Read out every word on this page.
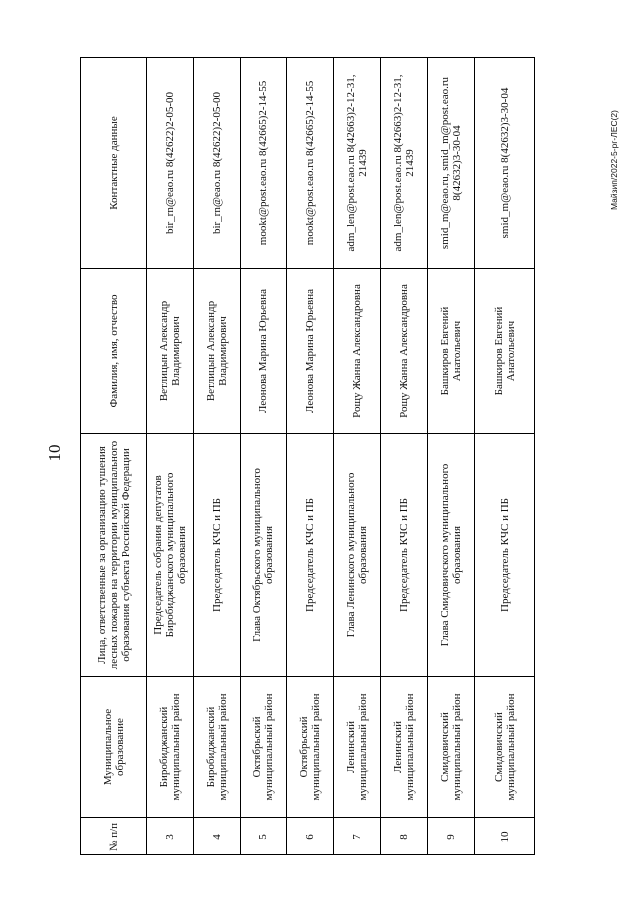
10
Майзип/2022-5-рг-ЛЕС(2)
Контактные данные
Фамилия, имя, отчество
Лица, ответственные за организацию тушения лесных пожаров на территории муниципального образования субъекта Российской Федерации
Муниципальное образование
№ п/п
bir_rn@eao.ru 8(42622)2-05-00
Ветлицын Александр Владимирович
Председатель собрания депутатов Биробиджанского муниципального образования
Биробиджанский муниципальный район
3
bir_rn@eao.ru 8(42622)2-05-00
Ветлицын Александр Владимирович
Председатель КЧС и ПБ
Биробиджанский муниципальный район
4
mookt@post.eao.ru 8(42665)2-14-55
Леонова Марина Юрьевна
Глава Октябрьского муниципального образования
Октябрьский муниципальный район
5
mookt@post.eao.ru 8(42665)2-14-55
Леонова Марина Юрьевна
Председатель КЧС и ПБ
Октябрьский муниципальный район
6
adm_len@post.eao.ru 8(42663)2-12-31, 21439
Рощу Жанна Александровна
Глава Ленинского муниципального образования
Ленинский муниципальный район
7
adm_len@post.eao.ru 8(42663)2-12-31, 21439
Рощу Жанна Александровна
Председатель КЧС и ПБ
Ленинский муниципальный район
8
smid_m@eao.ru, smid_m@post.eao.ru 8(42632)3-30-04
Башкиров Евгений Анатольевич
Глава Смидовичского муниципального образования
Смидовичский муниципальный район
9
smid_m@eao.ru 8(42632)3-30-04
Башкиров Евгений Анатольевич
Председатель КЧС и ПБ
Смидовичский муниципальный район
10
